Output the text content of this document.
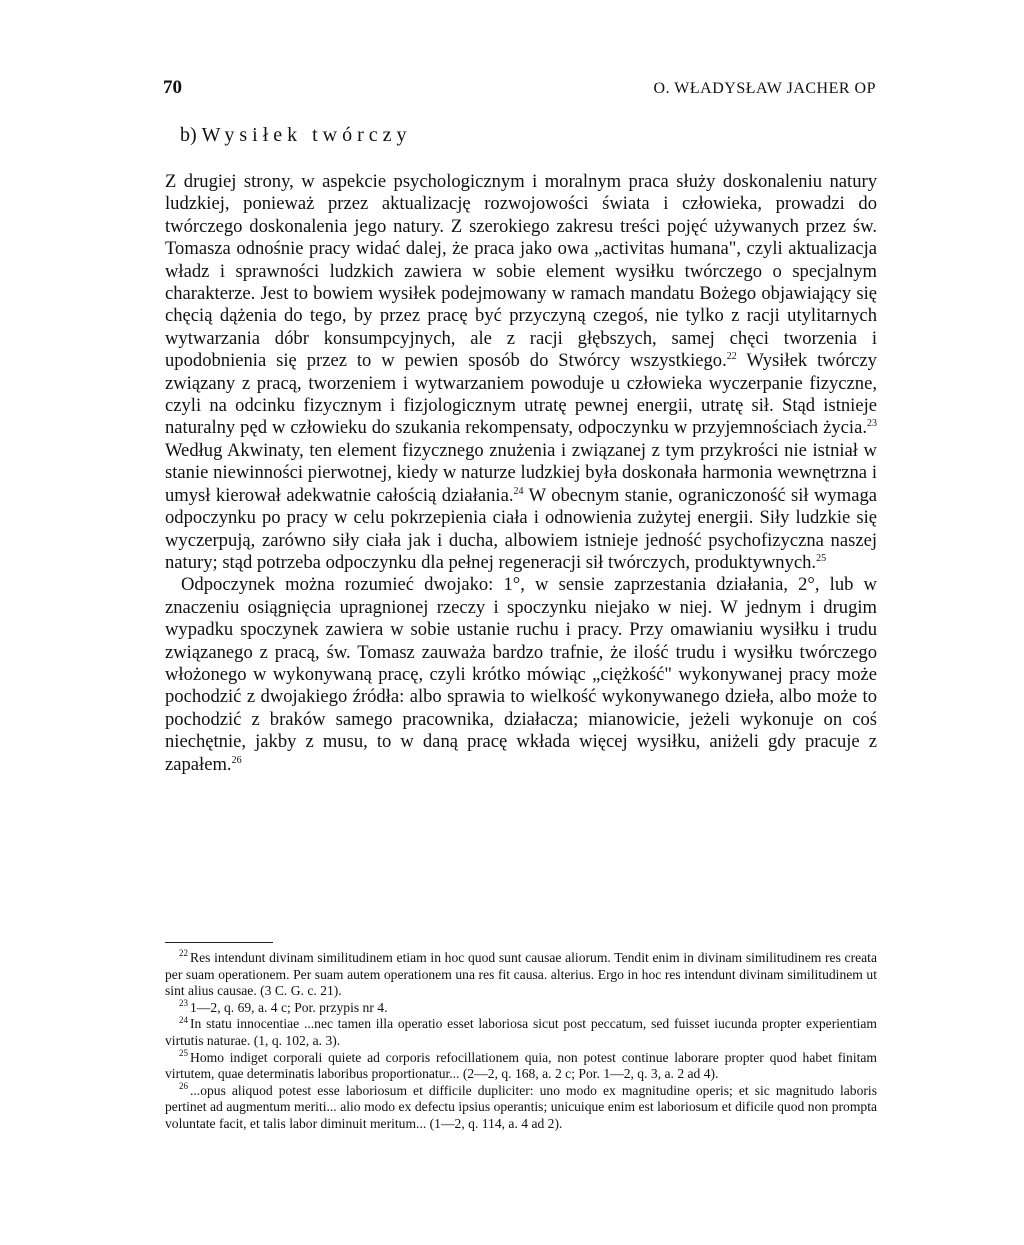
70	O. WŁADYSŁAW JACHER OP
b) Wysiłek twórczy

Z drugiej strony, w aspekcie psychologicznym i moralnym praca służy doskonaleniu natury ludzkiej, ponieważ przez aktualizację rozwojowości świata i człowieka, prowadzi do twórczego doskonalenia jego natury. Z szerokiego zakresu treści pojęć używanych przez św. Tomasza odnośnie pracy widać dalej, że praca jako owa „activitas humana", czyli aktualizacja władz i sprawności ludzkich zawiera w sobie element wysiłku twórczego o specjalnym charakterze. Jest to bowiem wysiłek podejmowany w ramach mandatu Bożego objawiający się chęcią dążenia do tego, by przez pracę być przyczyną czegoś, nie tylko z racji utylitarnych wytwarzania dóbr konsumpcyjnych, ale z racji głębszych, samej chęci tworzenia i upodobnienia się przez to w pewien sposób do Stwórcy wszystkiego.$^{22}$ Wysiłek twórczy związany z pracą, tworzeniem i wytwarzaniem powoduje u człowieka wyczerpanie fizyczne, czyli na odcinku fizycznym i fizjologicznym utratę pewnej energii, utratę sił. Stąd istnieje naturalny pęd w człowieku do szukania rekompensaty, odpoczynku w przyjemnościach życia.$^{23}$ Według Akwinaty, ten element fizycznego znużenia i związanej z tym przykrości nie istniał w stanie niewinności pierwotnej, kiedy w naturze ludzkiej była doskonała harmonia wewnętrzna i umysł kierował adekwatnie całością działania.$^{24}$ W obecnym stanie, ograniczoność sił wymaga odpoczynku po pracy w celu pokrzepienia ciała i odnowienia zużytej energii. Siły ludzkie się wyczerpują, zarówno siły ciała jak i ducha, albowiem istnieje jedność psychofizyczna naszej natury; stąd potrzeba odpoczynku dla pełnej regeneracji sił twórczych, produktywnych.$^{25}$

Odpoczynek można rozumieć dwojako: 1°, w sensie zaprzestania działania, 2°, lub w znaczeniu osiągnięcia upragnionej rzeczy i spoczynku niejako w niej. W jednym i drugim wypadku spoczynek zawiera w sobie ustanie ruchu i pracy. Przy omawianiu wysiłku i trudu związanego z pracą, św. Tomasz zauważa bardzo trafnie, że ilość trudu i wysiłku twórczego włożonego w wykonywaną pracę, czyli krótko mówiąc „ciężkość" wykonywanej pracy może pochodzić z dwojakiego źródła: albo sprawia to wielkość wykonywanego dzieła, albo może to pochodzić z braków samego pracownika, działacza; mianowicie, jeżeli wykonuje on coś niechętnie, jakby z musu, to w daną pracę wkłada więcej wysiłku, aniżeli gdy pracuje z zapałem.$^{26}$

$^{22}$ Res intendunt divinam similitudinem etiam in hoc quod sunt causae aliorum. Tendit enim in divinam similitudinem res creata per suam operationem. Per suam autem operationem una res fit causa. alterius. Ergo in hoc res intendunt divinam similitudinem ut sint alius causae. (3 C. G. c. 21).

$^{23}$ 1—2, q. 69, a. 4 c; Por. przypis nr 4.

$^{24}$ In statu innocentiae ...nec tamen illa operatio esset laboriosa sicut post peccatum, sed fuisset iucunda propter experientiam virtutis naturae. (1, q. 102, a. 3).

$^{25}$ Homo indiget corporali quiete ad corporis refocillationem quia, non potest continue laborare propter quod habet finitam virtutem, quae determinatis laboribus proportionatur... (2—2, q. 168, a. 2 c; Por. 1—2, q. 3, a. 2 ad 4).

$^{26}$ ...opus aliquod potest esse laboriosum et difficile dupliciter: uno modo ex magnitudine operis; et sic magnitudo laboris pertinet ad augmentum meriti... alio modo ex defectu ipsius operantis; unicuique enim est laboriosum et dificile quod non prompta voluntate facit, et talis labor diminuit meritum... (1—2, q. 114, a. 4 ad 2).
